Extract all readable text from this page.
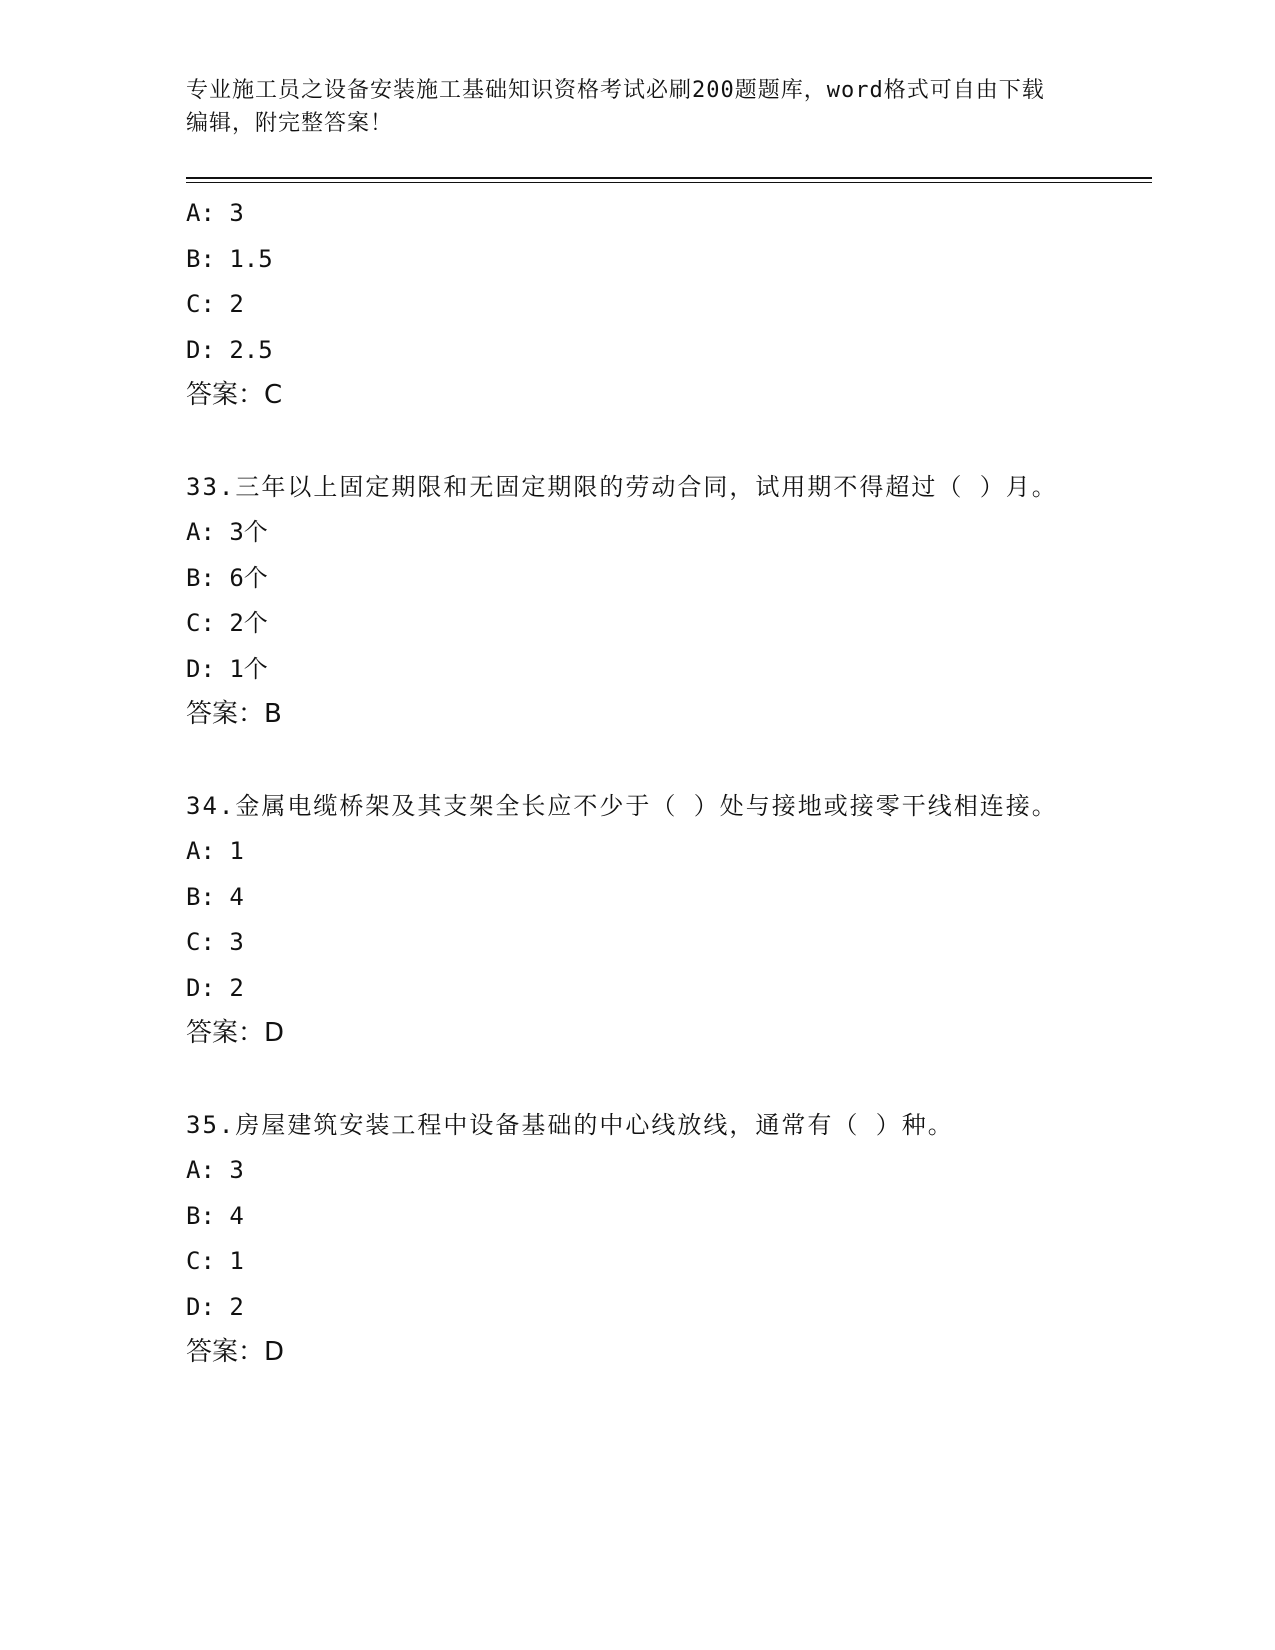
专业施工员之设备安装施工基础知识资格考试必刷200题题库，word格式可自由下载编辑，附完整答案！
A: 3
B: 1.5
C: 2
D: 2.5
答案：C
33.三年以上固定期限和无固定期限的劳动合同，试用期不得超过（ ）月。
A: 3个
B: 6个
C: 2个
D: 1个
答案：B
34.金属电缆桥架及其支架全长应不少于（ ）处与接地或接零干线相连接。
A: 1
B: 4
C: 3
D: 2
答案：D
35.房屋建筑安装工程中设备基础的中心线放线，通常有（ ）种。
A: 3
B: 4
C: 1
D: 2
答案：D
